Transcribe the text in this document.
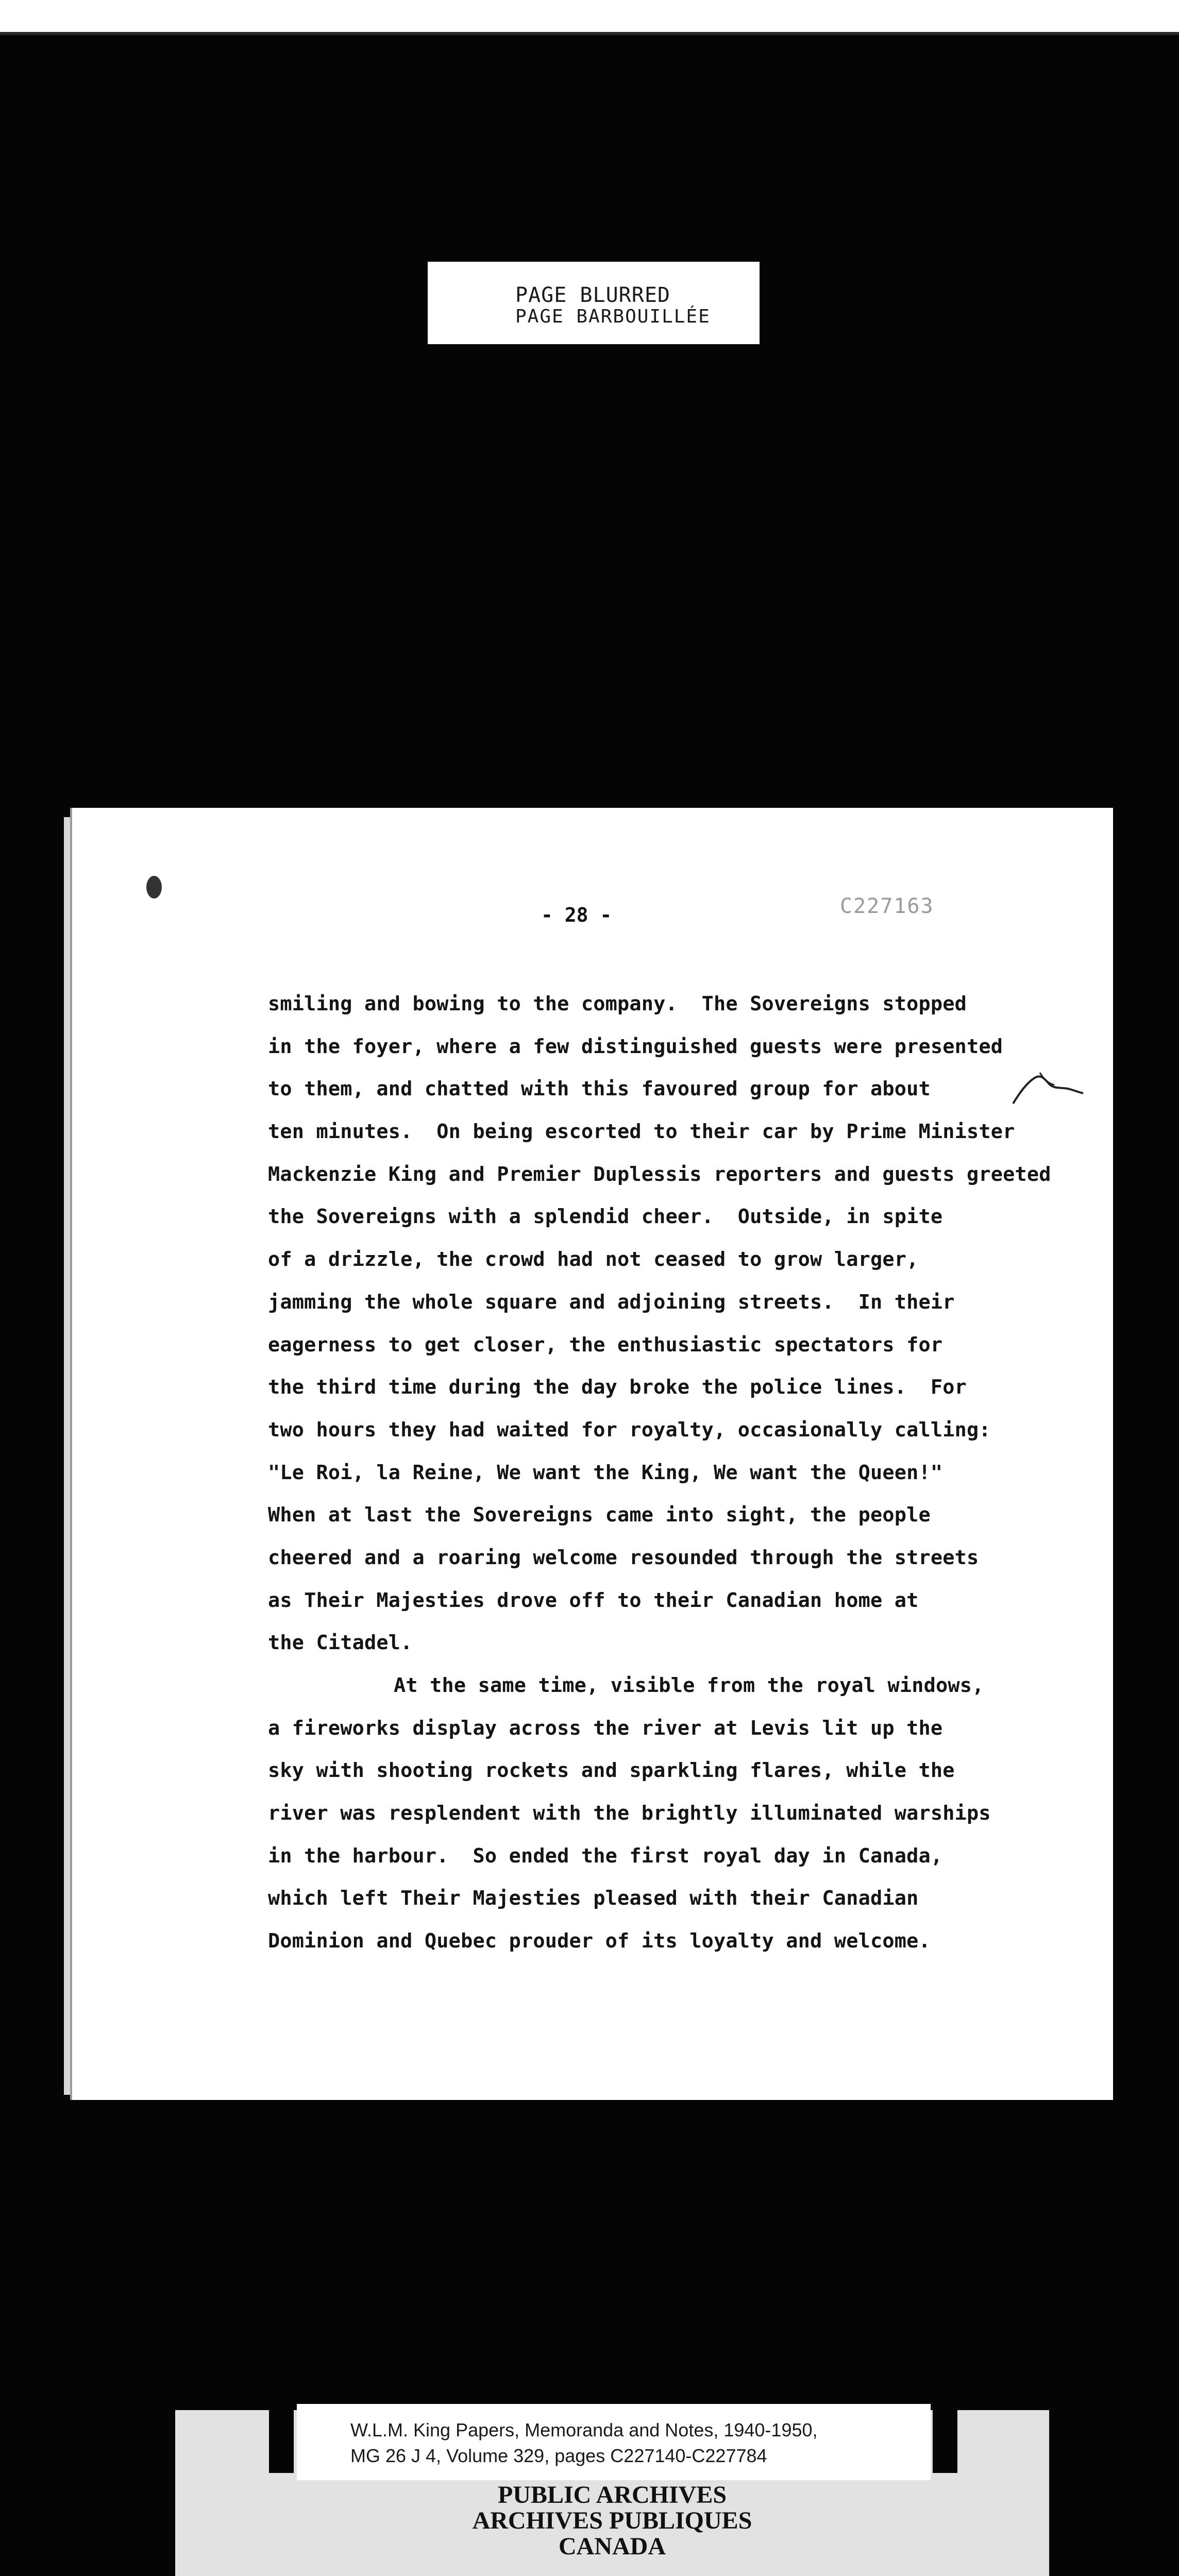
PAGE BLURRED
PAGE BARBOUILLÉE
- 28 -	C227163
smiling and bowing to the company.  The Sovereigns stopped
in the foyer, where a few distinguished guests were presented
to them, and chatted with this favoured group for about
ten minutes.  On being escorted to their car by Prime Minister
Mackenzie King and Premier Duplessis reporters and guests greeted
the Sovereigns with a splendid cheer.  Outside, in spite
of a drizzle, the crowd had not ceased to grow larger,
jamming the whole square and adjoining streets.  In their
eagerness to get closer, the enthusiastic spectators for
the third time during the day broke the police lines.  For
two hours they had waited for royalty, occasionally calling:
"Le Roi, la Reine, We want the King, We want the Queen!"
When at last the Sovereigns came into sight, the people
cheered and a roaring welcome resounded through the streets
as Their Majesties drove off to their Canadian home at
the Citadel.
At the same time, visible from the royal windows,
a fireworks display across the river at Levis lit up the
sky with shooting rockets and sparkling flares, while the
river was resplendent with the brightly illuminated warships
in the harbour.  So ended the first royal day in Canada,
which left Their Majesties pleased with their Canadian
Dominion and Quebec prouder of its loyalty and welcome.
W.L.M. King Papers, Memoranda and Notes, 1940-1950,
MG 26 J 4, Volume 329, pages C227140-C227784
PUBLIC ARCHIVES
ARCHIVES PUBLIQUES
CANADA
